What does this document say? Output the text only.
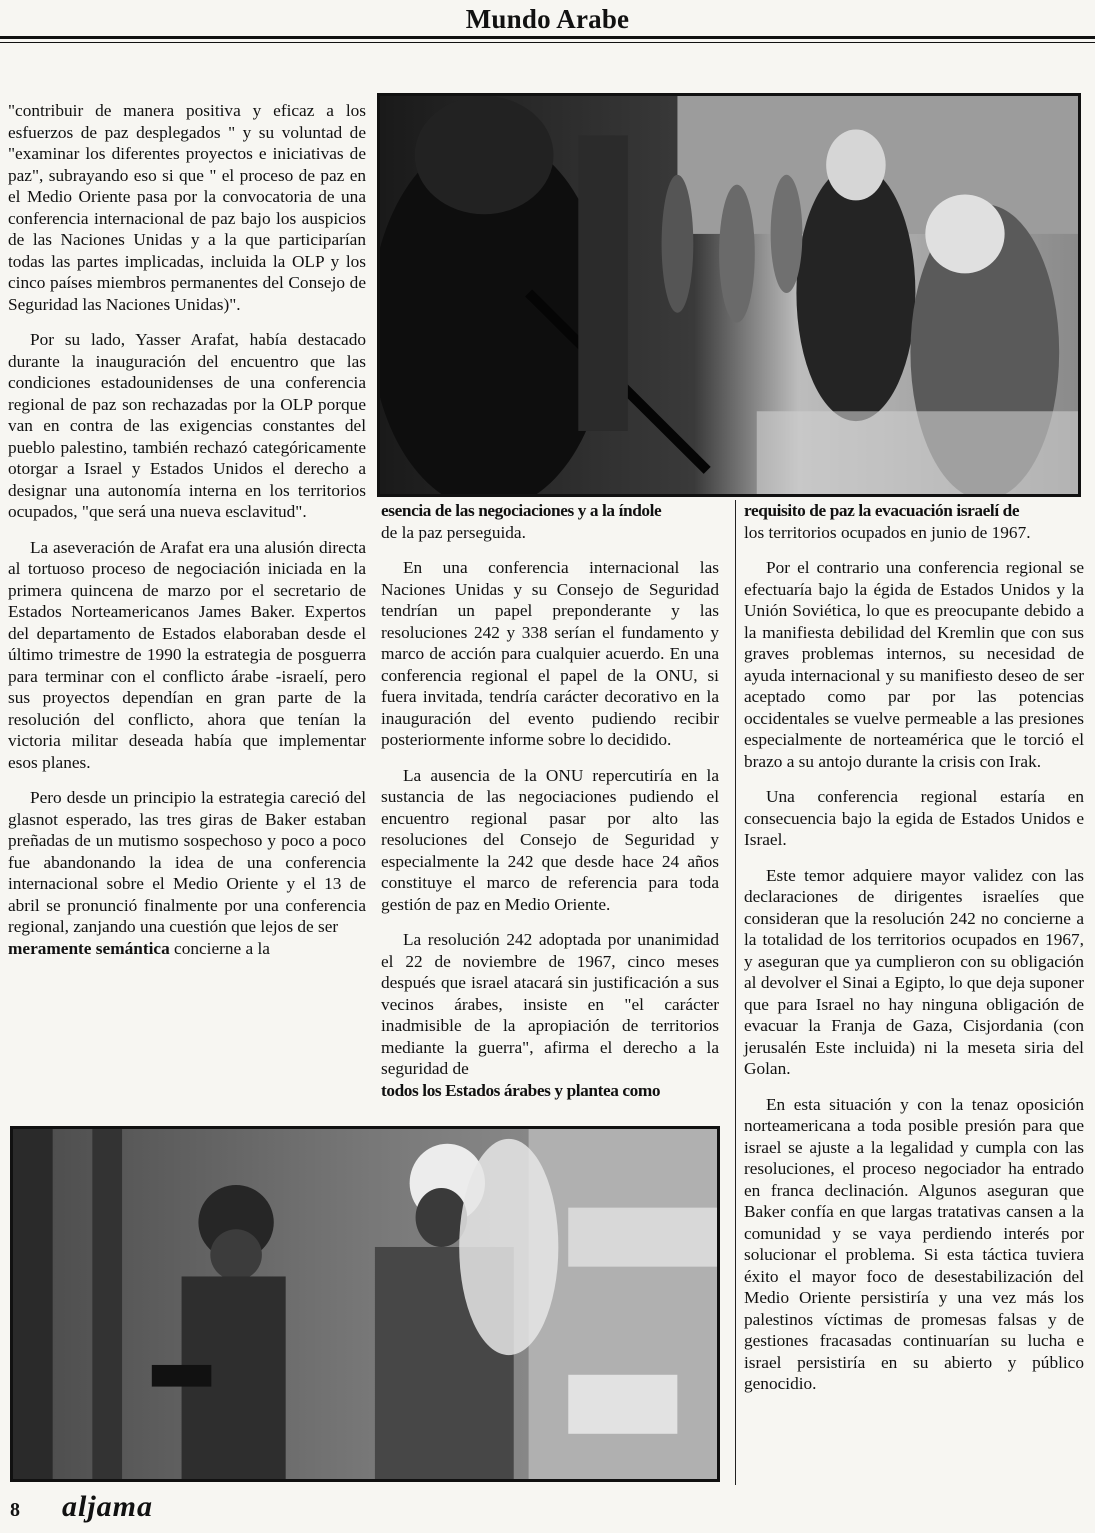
Mundo Arabe

"contribuir de manera positiva y eficaz a los esfuerzos de paz desplegados " y su voluntad de "examinar los diferentes proyectos e iniciativas de paz", subrayando eso si que " el proceso de paz en el Medio Oriente pasa por la convocatoria de una conferencia internacional de paz bajo los auspicios de las Naciones Unidas y a la que participarían todas las partes implicadas, incluida la OLP y los cinco países miembros permanentes del Consejo de Seguridad las Naciones Unidas)".

Por su lado, Yasser Arafat, había destacado durante la inauguración del encuentro que las condiciones estadounidenses de una conferencia regional de paz son rechazadas por la OLP porque van en contra de las exigencias constantes del pueblo palestino, también rechazó categóricamente otorgar a Israel y Estados Unidos el derecho a designar una autonomía interna en los territorios ocupados, "que será una nueva esclavitud".

La aseveración de Arafat era una alusión directa al tortuoso proceso de negociación iniciada en la primera quincena de marzo por el secretario de Estados Norteamericanos James Baker. Expertos del departamento de Estados elaboraban desde el último trimestre de 1990 la estrategia de posguerra para terminar con el conflicto árabe -israelí, pero sus proyectos dependían en gran parte de la resolución del conflicto, ahora que tenían la victoria militar deseada había que implementar esos planes.

Pero desde un principio la estrategia careció del glasnot esperado, las tres giras de Baker estaban preñadas de un mutismo sospechoso y poco a poco fue abandonando la idea de una conferencia internacional sobre el Medio Oriente y el 13 de abril se pronunció finalmente por una conferencia regional, zanjando una cuestión que lejos de ser

meramente semántica concierne a la

esencia de las negociaciones y a la índole
de la paz perseguida.

En una conferencia internacional las Naciones Unidas y su Consejo de Seguridad tendrían un papel preponderante y las resoluciones 242 y 338 serían el fundamento y marco de acción para cualquier acuerdo. En una conferencia regional el papel de la ONU, si fuera invitada, tendría carácter decorativo en la inauguración del evento pudiendo recibir posteriormente informe sobre lo decidido.

La ausencia de la ONU repercutiría en la sustancia de las negociaciones pudiendo el encuentro regional pasar por alto las resoluciones del Consejo de Seguridad y especialmente la 242 que desde hace 24 años constituye el marco de referencia para toda gestión de paz en Medio Oriente.

La resolución 242 adoptada por unanimidad el 22 de noviembre de 1967, cinco meses después que israel atacará sin justificación a sus vecinos árabes, insiste en "el carácter inadmisible de la apropiación de territorios mediante la guerra", afirma el derecho a la seguridad de

todos los Estados árabes y plantea como

requisito de paz la evacuación israelí de
los territorios ocupados en junio de 1967.

Por el contrario una conferencia regional se efectuaría bajo la égida de Estados Unidos y la Unión Soviética, lo que es preocupante debido a la manifiesta debilidad del Kremlin que con sus graves problemas internos, su necesidad de ayuda internacional y su manifiesto deseo de ser aceptado como par por las potencias occidentales se vuelve permeable a las presiones especialmente de norteamérica que le torció el brazo a su antojo durante la crisis con Irak.

Una conferencia regional estaría en consecuencia bajo la egida de Estados Unidos e Israel.

Este temor adquiere mayor validez con las declaraciones de dirigentes israelíes que consideran que la resolución 242 no concierne a la totalidad de los territorios ocupados en 1967, y aseguran que ya cumplieron con su obligación al devolver el Sinai a Egipto, lo que deja suponer que para Israel no hay ninguna obligación de evacuar la Franja de Gaza, Cisjordania (con jerusalén Este incluida) ni la meseta siria del Golan.

En esta situación y con la tenaz oposición norteamericana a toda posible presión para que israel se ajuste a la legalidad y cumpla con las resoluciones, el proceso negociador ha entrado en franca declinación. Algunos aseguran que Baker confía en que largas tratativas cansen a la comunidad y se vaya perdiendo interés por solucionar el problema. Si esta táctica tuviera éxito el mayor foco de desestabilización del Medio Oriente persistiría y una vez más los palestinos víctimas de promesas falsas y de gestiones fracasadas continuarían su lucha e israel persistiría en su abierto y público genocidio.

8 aljama
